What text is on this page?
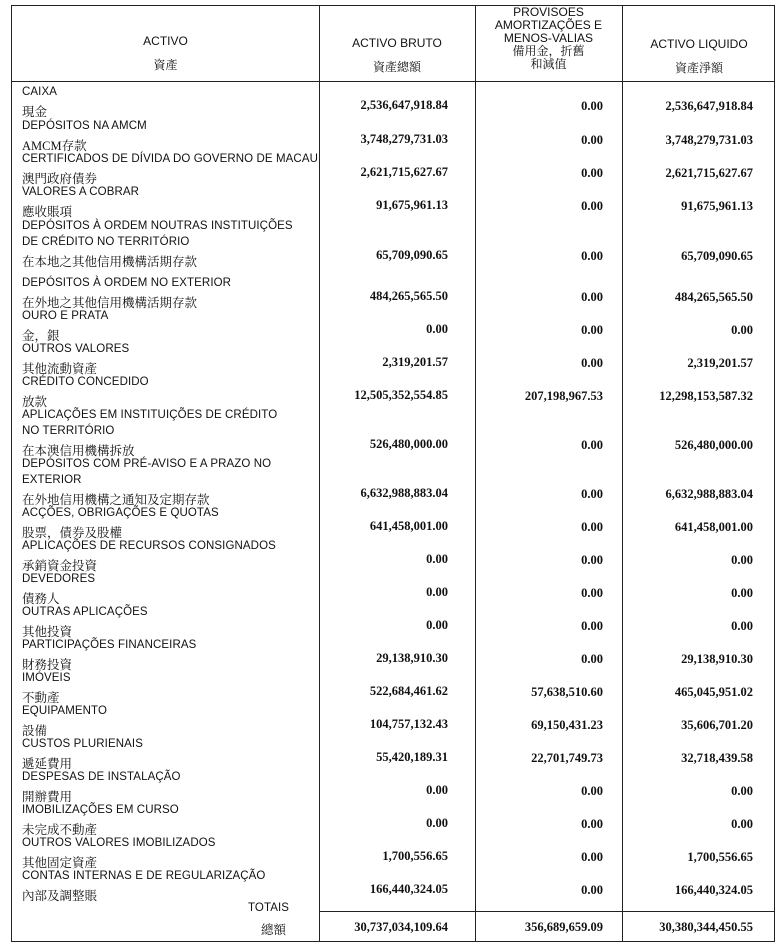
ACTIVO
資產
ACTIVO BRUTO
資產總額
PROVISOES
AMORTIZAÇÕES E
MENOS-VALIAS
備用金，折舊
和減值
ACTIVO LIQUIDO
資產淨額
CAIXA
現金	2,536,647,918.84	0.00	2,536,647,918.84
DEPÓSITOS NA AMCM
AMCM存款	3,748,279,731.03	0.00	3,748,279,731.03
CERTIFICADOS DE DÍVIDA DO GOVERNO DE MACAU
澳門政府債券	2,621,715,627.67	0.00	2,621,715,627.67
VALORES A COBRAR
應收賬項	91,675,961.13	0.00	91,675,961.13
DEPÓSITOS À ORDEM NOUTRAS INSTITUIÇÕES
DE CRÉDITO NO TERRITÓRIO
在本地之其他信用機構活期存款	65,709,090.65	0.00	65,709,090.65
DEPÓSITOS À ORDEM NO EXTERIOR
在外地之其他信用機構活期存款	484,265,565.50	0.00	484,265,565.50
OURO E PRATA
金，銀	0.00	0.00	0.00
OUTROS VALORES
其他流動資產	2,319,201.57	0.00	2,319,201.57
CRÉDITO CONCEDIDO
放款	12,505,352,554.85	207,198,967.53	12,298,153,587.32
APLICAÇÕES EM INSTITUIÇÕES DE CRÉDITO
NO TERRITÓRIO
在本澳信用機構拆放	526,480,000.00	0.00	526,480,000.00
DEPÓSITOS COM PRÉ-AVISO E A PRAZO NO
EXTERIOR
在外地信用機構之通知及定期存款	6,632,988,883.04	0.00	6,632,988,883.04
ACÇÕES, OBRIGAÇÕES E QUOTAS
股票，債券及股權	641,458,001.00	0.00	641,458,001.00
APLICAÇÕES DE RECURSOS CONSIGNADOS
承銷資金投資	0.00	0.00	0.00
DEVEDORES
債務人	0.00	0.00	0.00
OUTRAS APLICAÇÕES
其他投資	0.00	0.00	0.00
PARTICIPAÇÕES FINANCEIRAS
財務投資	29,138,910.30	0.00	29,138,910.30
IMÓVEIS
不動產	522,684,461.62	57,638,510.60	465,045,951.02
EQUIPAMENTO
設備	104,757,132.43	69,150,431.23	35,606,701.20
CUSTOS PLURIENAIS
遞延費用	55,420,189.31	22,701,749.73	32,718,439.58
DESPESAS DE INSTALAÇÃO
開辦費用	0.00	0.00	0.00
IMOBILIZAÇÕES EM CURSO
未完成不動產	0.00	0.00	0.00
OUTROS VALORES IMOBILIZADOS
其他固定資產	1,700,556.65	0.00	1,700,556.65
CONTAS INTERNAS E DE REGULARIZAÇÃO
內部及調整賬	166,440,324.05	0.00	166,440,324.05
TOTAIS
總額	30,737,034,109.64	356,689,659.09	30,380,344,450.55
